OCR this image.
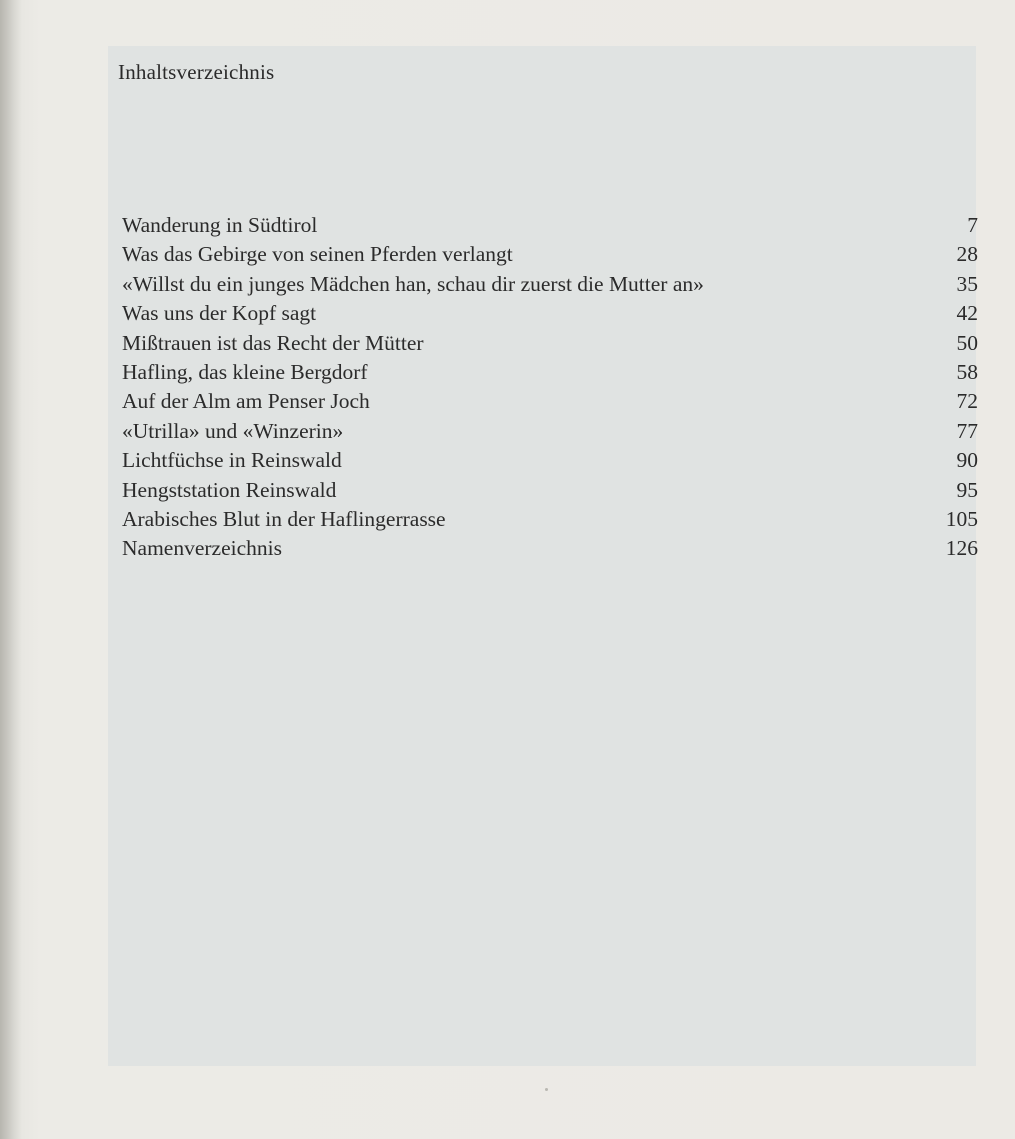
Inhaltsverzeichnis
Wanderung in Südtirol	7
Was das Gebirge von seinen Pferden verlangt	28
«Willst du ein junges Mädchen han, schau dir zuerst die Mutter an»	35
Was uns der Kopf sagt	42
Mißtrauen ist das Recht der Mütter	50
Hafling, das kleine Bergdorf	58
Auf der Alm am Penser Joch	72
«Utrilla» und «Winzerin»	77
Lichtfüchse in Reinswald	90
Hengststation Reinswald	95
Arabisches Blut in der Haflingerrasse	105
Namenverzeichnis	126
